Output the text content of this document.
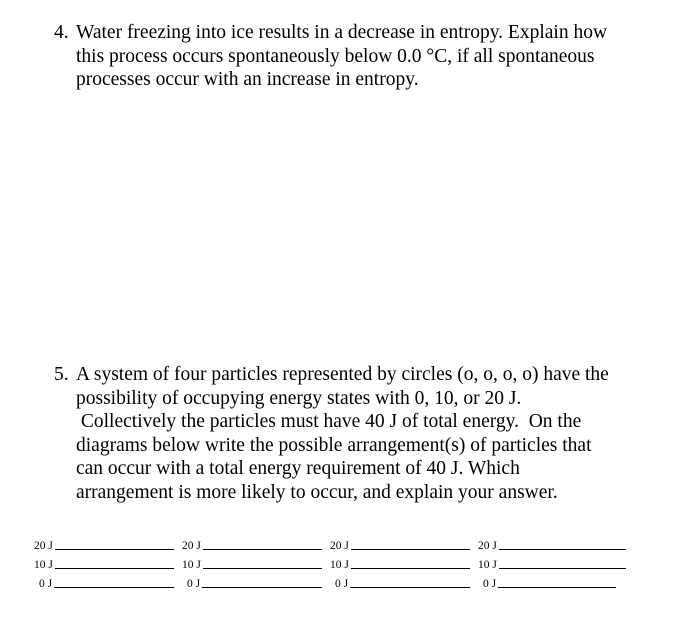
4. Water freezing into ice results in a decrease in entropy. Explain how
this process occurs spontaneously below 0.0 °C, if all spontaneous
processes occur with an increase in entropy.
5. A system of four particles represented by circles (o, o, o, o) have the
possibility of occupying energy states with 0, 10, or 20 J.
Collectively the particles must have 40 J of total energy.  On the
diagrams below write the possible arrangement(s) of particles that
can occur with a total energy requirement of 40 J. Which
arrangement is more likely to occur, and explain your answer.
20 J
10 J
0 J
20 J
10 J
0 J
20 J
10 J
0 J
20 J
10 J
0 J
